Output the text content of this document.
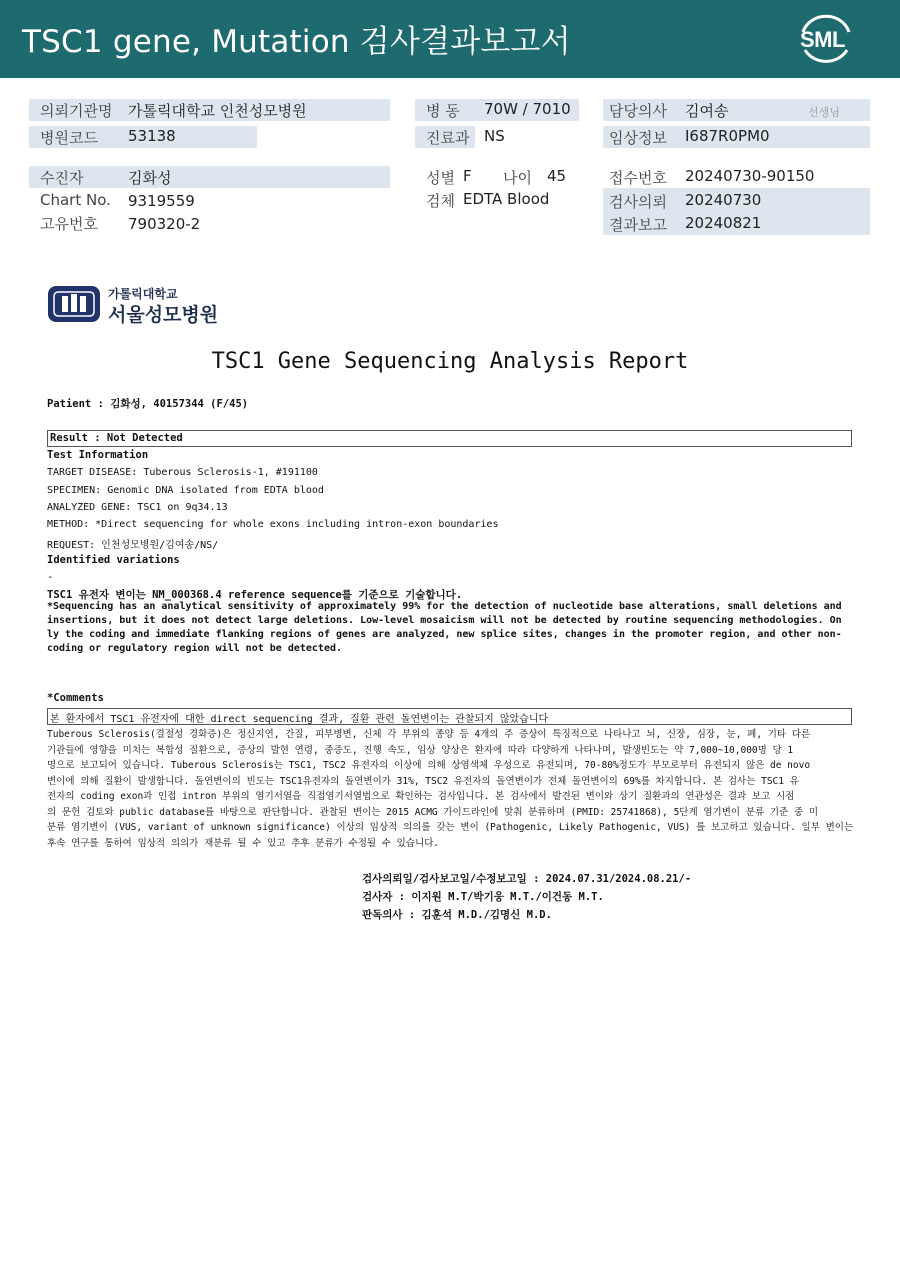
TSC1 gene, Mutation 검사결과보고서	SML
의뢰기관명 가톨릭대학교 인천성모병원
병원코드 53138
병 동 70W / 7010
진료과 NS
담당의사 김여송	선생님
임상정보 I687R0PM0
수진자	김화성
Chart No. 9319559
고유번호 790320-2
성별 F 나이 45
검체 EDTA Blood
접수번호 20240730-90150
검사의뢰 20240730
결과보고 20240821
가톨릭대학교
서울성모병원
TSC1 Gene Sequencing Analysis Report
Patient : 김화성, 40157344 (F/45)
Result : Not Detected
Test Information
TARGET DISEASE: Tuberous Sclerosis-1, #191100
SPECIMEN: Genomic DNA isolated from EDTA blood
ANALYZED GENE: TSC1 on 9q34.13
METHOD: *Direct sequencing for whole exons including intron-exon boundaries
REQUEST: 인천성모병원/김여송/NS/
Identified variations
-
TSC1 유전자 변이는 NM_000368.4 reference sequence를 기준으로 기술합니다.
*Sequencing has an analytical sensitivity of approximately 99% for the detection of nucleotide base alterations, small deletions and
insertions, but it does not detect large deletions. Low-level mosaicism will not be detected by routine sequencing methodologies. On
ly the coding and immediate flanking regions of genes are analyzed, new splice sites, changes in the promoter region, and other non-
coding or regulatory region will not be detected.
*Comments
본 환자에서 TSC1 유전자에 대한 direct sequencing 결과, 질환 관련 돌연변이는 관찰되지 않았습니다
Tuberous Sclerosis(결절성 경화증)은 정신지연, 간질, 피부병변, 신체 각 부위의 종양 등 4개의 주 증상이 특징적으로 나타나고 뇌, 신장, 심장, 눈, 폐, 기타 다른
기관들에 영향을 미치는 복합성 질환으로, 증상의 발현 연령, 중증도, 진행 속도, 임상 양상은 환자에 따라 다양하게 나타나며, 발생빈도는 약 7,000~10,000명 당 1
명으로 보고되어 있습니다. Tuberous Sclerosis는 TSC1, TSC2 유전자의 이상에 의해 상염색체 우성으로 유전되며, 70-80%정도가 부모로부터 유전되지 않은 de novo
변이에 의해 질환이 발생합니다. 돌연변이의 빈도는 TSC1유전자의 돌연변이가 31%, TSC2 유전자의 돌연변이가 전체 돌연변이의 69%를 차지합니다. 본 검사는 TSC1 유
전자의 coding exon과 인접 intron 부위의 염기서열을 직접염기서열법으로 확인하는 검사입니다. 본 검사에서 발견된 변이와 상기 질환과의 연관성은 결과 보고 시점
의 문헌 검토와 public database를 바탕으로 판단합니다. 관찰된 변이는 2015 ACMG 가이드라인에 맞춰 분류하며 (PMID: 25741868), 5단계 염기변이 분류 기준 중 미
분류 염기변이 (VUS, variant of unknown significance) 이상의 임상적 의의를 갖는 변이 (Pathogenic, Likely Pathogenic, VUS) 를 보고하고 있습니다. 일부 변이는
후속 연구를 통하여 임상적 의의가 재분류 될 수 있고 추후 분류가 수정될 수 있습니다.
검사의뢰일/검사보고일/수정보고일 : 2024.07.31/2024.08.21/-
검사자 : 이지원 M.T/박기웅 M.T./이건동 M.T.
판독의사 : 김훈석 M.D./김명신 M.D.
